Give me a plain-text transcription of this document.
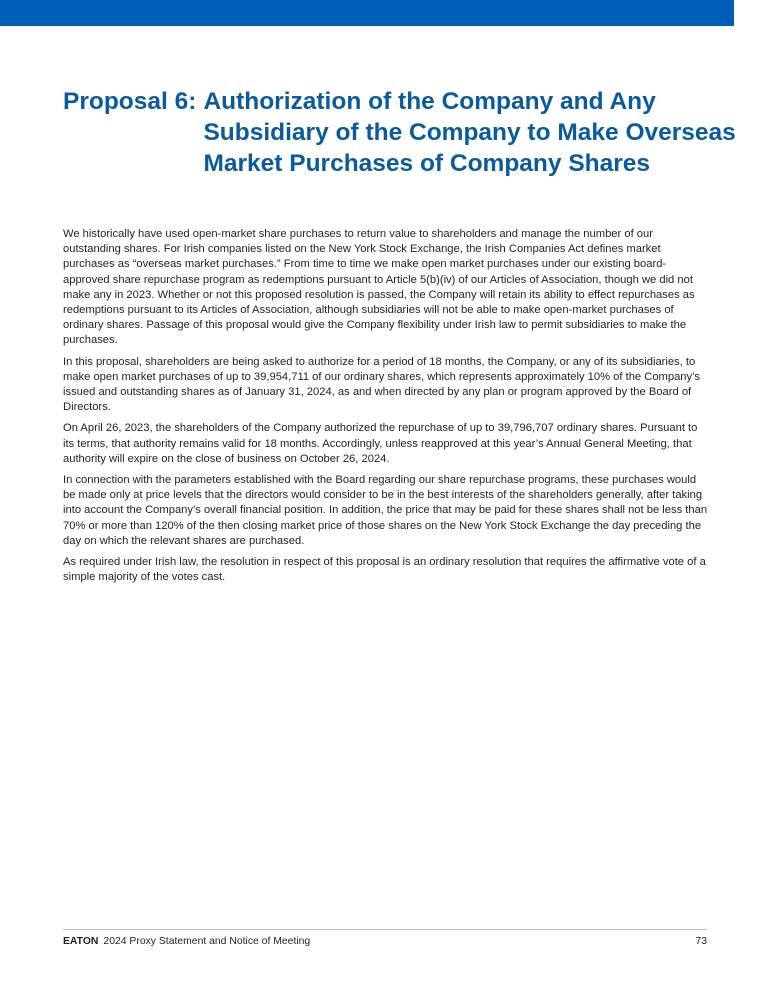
Proposal 6: Authorization of the Company and Any Subsidiary of the Company to Make Overseas Market Purchases of Company Shares

We historically have used open-market share purchases to return value to shareholders and manage the number of our outstanding shares. For Irish companies listed on the New York Stock Exchange, the Irish Companies Act defines market purchases as “overseas market purchases.” From time to time we make open market purchases under our existing board-approved share repurchase program as redemptions pursuant to Article 5(b)(iv) of our Articles of Association, though we did not make any in 2023. Whether or not this proposed resolution is passed, the Company will retain its ability to effect repurchases as redemptions pursuant to its Articles of Association, although subsidiaries will not be able to make open-market purchases of ordinary shares. Passage of this proposal would give the Company flexibility under Irish law to permit subsidiaries to make the purchases.

In this proposal, shareholders are being asked to authorize for a period of 18 months, the Company, or any of its subsidiaries, to make open market purchases of up to 39,954,711 of our ordinary shares, which represents approximately 10% of the Company’s issued and outstanding shares as of January 31, 2024, as and when directed by any plan or program approved by the Board of Directors.

On April 26, 2023, the shareholders of the Company authorized the repurchase of up to 39,796,707 ordinary shares. Pursuant to its terms, that authority remains valid for 18 months. Accordingly, unless reapproved at this year’s Annual General Meeting, that authority will expire on the close of business on October 26, 2024.

In connection with the parameters established with the Board regarding our share repurchase programs, these purchases would be made only at price levels that the directors would consider to be in the best interests of the shareholders generally, after taking into account the Company’s overall financial position. In addition, the price that may be paid for these shares shall not be less than 70% or more than 120% of the then closing market price of those shares on the New York Stock Exchange the day preceding the day on which the relevant shares are purchased.

As required under Irish law, the resolution in respect of this proposal is an ordinary resolution that requires the affirmative vote of a simple majority of the votes cast.

EATON 2024 Proxy Statement and Notice of Meeting	73
